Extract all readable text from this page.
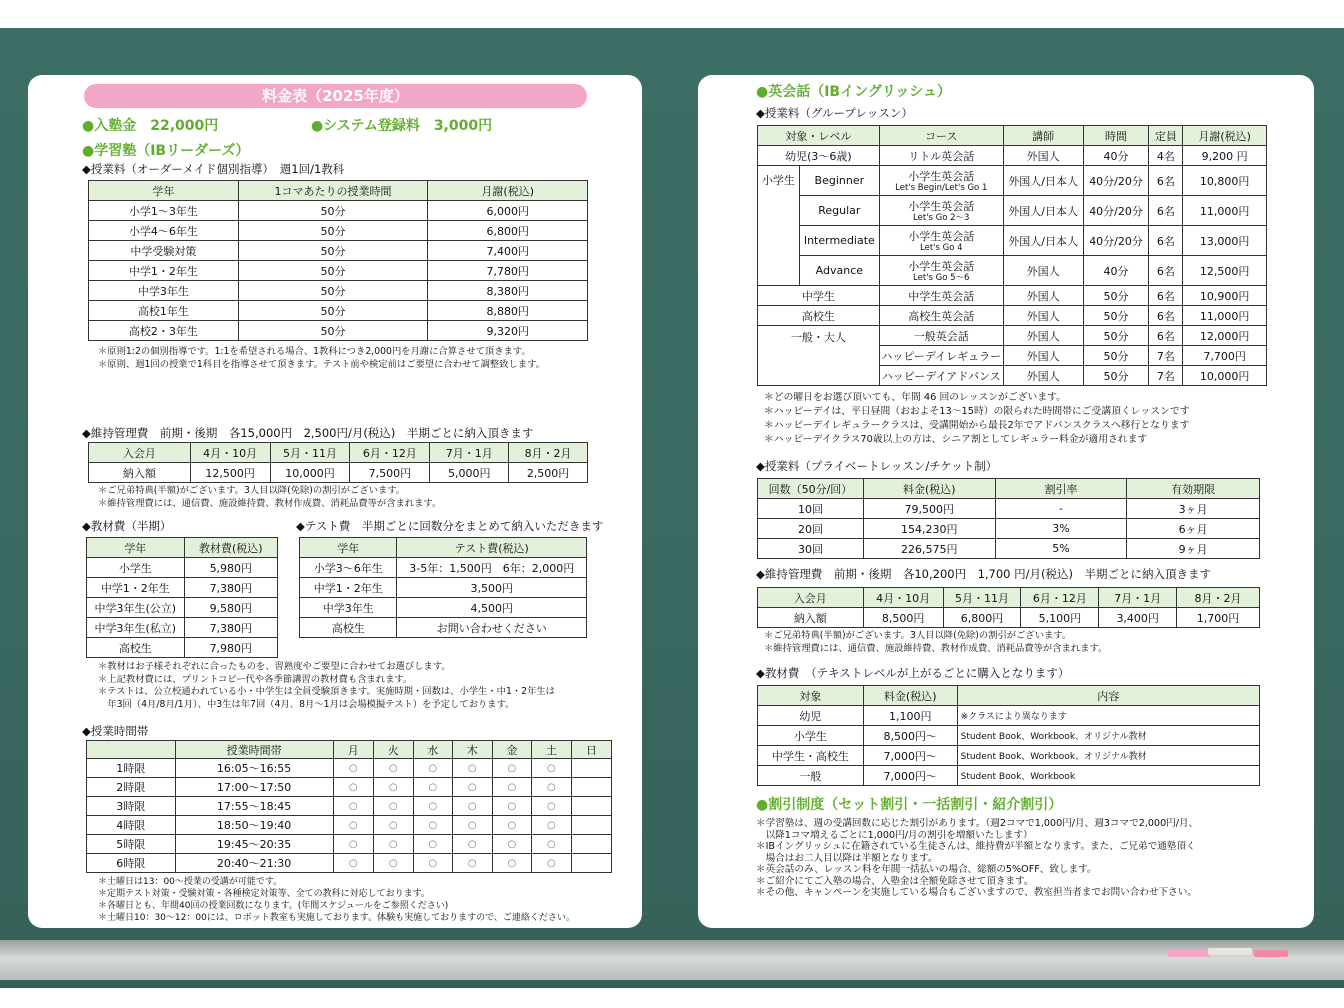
料金表（2025年度）
●入塾金　22,000円	●システム登録料　3,000円
●学習塾（IBリーダーズ）
◆授業料（オーダーメイド個別指導）　週1回/1教科
学年	1コマあたりの授業時間	月謝(税込)
小学1～3年生	50分	6,000円
小学4～6年生	50分	6,800円
中学受験対策	50分	7,400円
中学1・2年生	50分	7,780円
中学3年生	50分	8,380円
高校1年生	50分	8,880円
高校2・3年生	50分	9,320円
＊原則1:2の個別指導です。1:1を希望される場合、1教科につき2,000円を月謝に合算させて頂きます。
＊原則、週1回の授業で1科目を指導させて頂きます。テスト前や検定前はご要望に合わせて調整致します。
◆維持管理費　前期・後期　各15,000円　2,500円/月(税込)　半期ごとに納入頂きます
入会月	4月・10月	5月・11月	6月・12月	7月・1月	8月・2月
納入額	12,500円	10,000円	7,500円	5,000円	2,500円
＊ご兄弟特典(半額)がございます。3人目以降(免除)の割引がございます。
＊維持管理費には、通信費、施設維持費、教材作成費、消耗品費等が含まれます。
◆教材費（半期）
学年	教材費(税込)
小学生	5,980円
中学1・2年生	7,380円
中学3年生(公立)	9,580円
中学3年生(私立)	7,380円
高校生	7,980円
◆テスト費　半期ごとに回数分をまとめて納入いただきます
学年	テスト費(税込)
小学3～6年生	3-5年：1,500円　6年：2,000円
中学1・2年生	3,500円
中学3年生	4,500円
高校生	お問い合わせください
＊教材はお子様それぞれに合ったものを、習熟度やご要望に合わせてお選びします。
＊上記教材費には、プリントコピー代や各季節講習の教材費も含まれます。
＊テストは、公立校通われている小・中学生は全員受験頂きます。実施時期・回数は、小学生・中1・2年生は
　年3回（4月/8月/1月）、中3生は年7回（4月、8月～1月は会場模擬テスト）を予定しております。
◆授業時間帯
	授業時間帯	月	火	水	木	金	土	日
1時限	16:05～16:55	○	○	○	○	○	○	
2時限	17:00～17:50	○	○	○	○	○	○	
3時限	17:55～18:45	○	○	○	○	○	○	
4時限	18:50～19:40	○	○	○	○	○	○	
5時限	19:45～20:35	○	○	○	○	○	○	
6時限	20:40～21:30	○	○	○	○	○	○	
＊土曜日は13：00～授業の受講が可能です。
＊定期テスト対策・受験対策・各種検定対策等、全ての教科に対応しております。
＊各曜日とも、年間40回の授業回数になります。(年間スケジュールをご参照ください)
＊土曜日10：30～12：00には、ロボット教室も実施しております。体験も実施しておりますので、ご連絡ください。
●英会話（IBイングリッシュ）
◆授業料（グループレッスン）
対象・レベル		コース	講師	時間	定員	月謝(税込)
幼児(3～6歳)		リトル英会話	外国人	40分	4名	9,200 円
小学生	Beginner	小学生英会話
Let's Begin/Let's Go 1	外国人/日本人	40分/20分	6名	10,800円
	Regular	小学生英会話
Let's Go 2～3	外国人/日本人	40分/20分	6名	11,000円
	Intermediate	小学生英会話
Let's Go 4	外国人/日本人	40分/20分	6名	13,000円
	Advance	小学生英会話
Let's Go 5～6	外国人	40分	6名	12,500円
中学生		中学生英会話	外国人	50分	6名	10,900円
高校生		高校生英会話	外国人	50分	6名	11,000円
一般・大人		一般英会話	外国人	50分	6名	12,000円
		ハッピーデイレギュラー	外国人	50分	7名	7,700円
		ハッピーデイアドバンス	外国人	50分	7名	10,000円
＊どの曜日をお選び頂いても、年間 46 回のレッスンがございます。
＊ハッピーデイは、平日昼間（おおよそ13～15時）の限られた時間帯にご受講頂くレッスンです
＊ハッピーデイレギュラークラスは、受講開始から最長2年でアドバンスクラスへ移行となります
＊ハッピーデイクラス70歳以上の方は、シニア割としてレギュラー料金が適用されます
◆授業料（プライベートレッスン/チケット制）
回数（50分/回）	料金(税込)	割引率	有効期限
10回	79,500円	-	3ヶ月
20回	154,230円	3%	6ヶ月
30回	226,575円	5%	9ヶ月
◆維持管理費　前期・後期　各10,200円　1,700 円/月(税込)　半期ごとに納入頂きます
入会月	4月・10月	5月・11月	6月・12月	7月・1月	8月・2月
納入額	8,500円	6,800円	5,100円	3,400円	1,700円
＊ご兄弟特典(半額)がございます。3人目以降(免除)の割引がございます。
＊維持管理費には、通信費、施設維持費、教材作成費、消耗品費等が含まれます。
◆教材費　（テキストレベルが上がるごとに購入となります）
対象	料金(税込)	内容
幼児	1,100円	※クラスにより異なります
小学生	8,500円～	Student Book、Workbook、オリジナル教材
中学生・高校生	7,000円～	Student Book、Workbook、オリジナル教材
一般	7,000円～	Student Book、Workbook
●割引制度（セット割引・一括割引・紹介割引）
＊学習塾は、週の受講回数に応じた割引があります。（週2コマで1,000円/月、週3コマで2,000円/月、
　以降1コマ増えるごとに1,000円/月の割引を増額いたします）
＊IBイングリッシュに在籍されている生徒さんは、維持費が半額となります。また、ご兄弟で通塾頂く
　場合はお二人目以降は半額となります。
＊英会話のみ、レッスン料を年間一括払いの場合、総額の5%OFF、致します。
＊ご紹介にてご入塾の場合、入塾金は全額免除させて頂きます。
＊その他、キャンペーンを実施している場合もございますので、教室担当者までお問い合わせ下さい。
